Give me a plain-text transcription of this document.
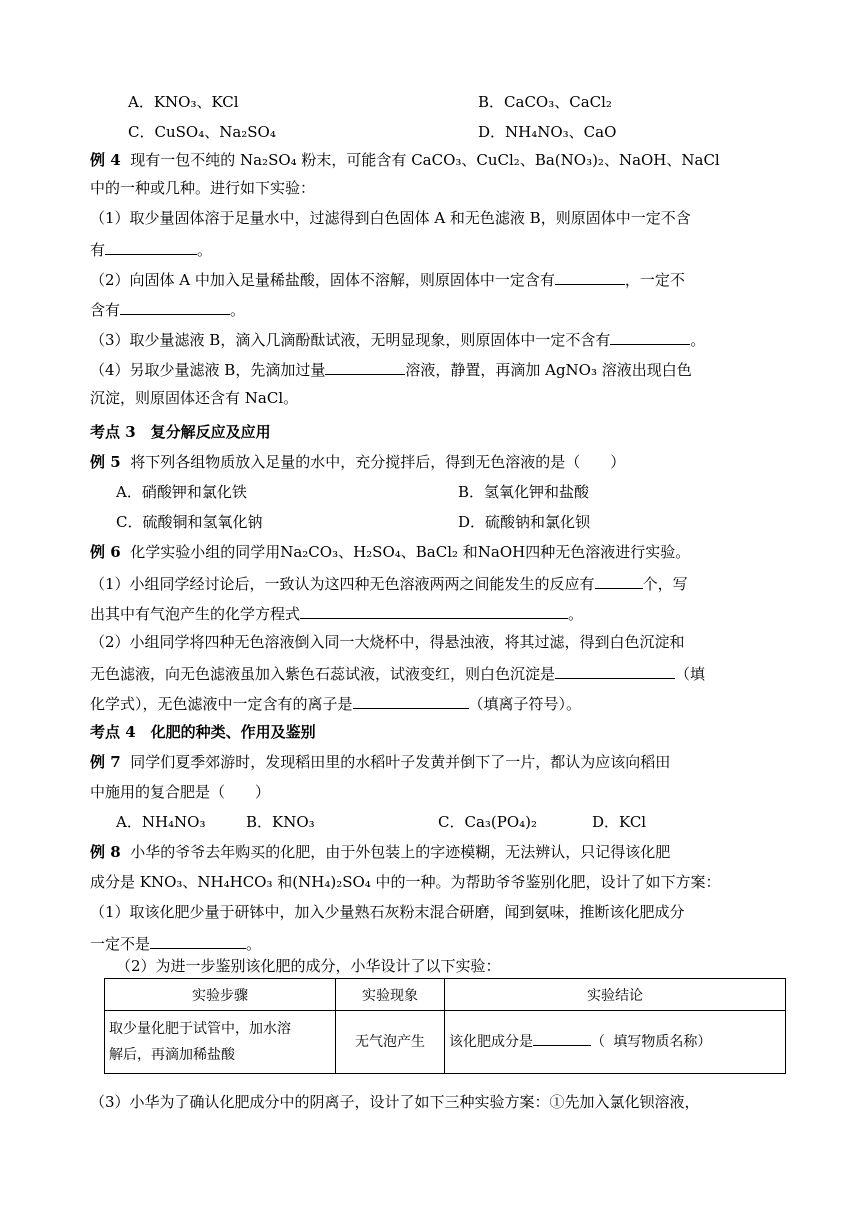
A．KNO₃、KCl	B．CaCO₃、CaCl₂
C．CuSO₄、Na₂SO₄	D．NH₄NO₃、CaO
例 4 现有一包不纯的 Na₂SO₄ 粉末，可能含有 CaCO₃、CuCl₂、Ba(NO₃)₂、NaOH、NaCl
中的一种或几种。进行如下实验：
（1）取少量固体溶于足量水中，过滤得到白色固体 A 和无色滤液 B，则原固体中一定不含
有	。
（2）向固体 A 中加入足量稀盐酸，固体不溶解，则原固体中一定含有	，一定不
含有	。
（3）取少量滤液 B，滴入几滴酚酞试液，无明显现象，则原固体中一定不含有	。
（4）另取少量滤液 B，先滴加过量	溶液，静置，再滴加 AgNO₃ 溶液出现白色
沉淀，则原固体还含有 NaCl。
考点 3　复分解反应及应用
例 5 将下列各组物质放入足量的水中，充分搅拌后，得到无色溶液的是（　　）
A．硝酸钾和氯化铁	B．氢氧化钾和盐酸
C．硫酸铜和氢氧化钠	D．硫酸钠和氯化钡
例 6 化学实验小组的同学用Na₂CO₃、H₂SO₄、BaCl₂ 和NaOH四种无色溶液进行实验。
（1）小组同学经讨论后，一致认为这四种无色溶液两两之间能发生的反应有	个，写
出其中有气泡产生的化学方程式	。
（2）小组同学将四种无色溶液倒入同一大烧杯中，得悬浊液，将其过滤，得到白色沉淀和
无色滤液，向无色滤液虽加入紫色石蕊试液，试液变红，则白色沉淀是	（填
化学式），无色滤液中一定含有的离子是	（填离子符号）。
考点 4　化肥的种类、作用及鉴别
例 7 同学们夏季郊游时，发现稻田里的水稻叶子发黄并倒下了一片，都认为应该向稻田
中施用的复合肥是（　　）
A．NH₄NO₃	B．KNO₃	C．Ca₃(PO₄)₂	D．KCl
例 8 小华的爷爷去年购买的化肥，由于外包装上的字迹模糊，无法辨认，只记得该化肥
成分是 KNO₃、NH₄HCO₃ 和(NH₄)₂SO₄ 中的一种。为帮助爷爷鉴别化肥，设计了如下方案：
（1）取该化肥少量于研钵中，加入少量熟石灰粉末混合研磨，闻到氨味，推断该化肥成分
一定不是	。
（2）为进一步鉴别该化肥的成分，小华设计了以下实验：
实验步骤	实验现象	实验结论

取少量化肥于试管中，加水溶
解后，再滴加稀盐酸	无气泡产生	该化肥成分是 （ 填写物质名称）
（3）小华为了确认化肥成分中的阴离子，设计了如下三种实验方案：①先加入氯化钡溶液，
